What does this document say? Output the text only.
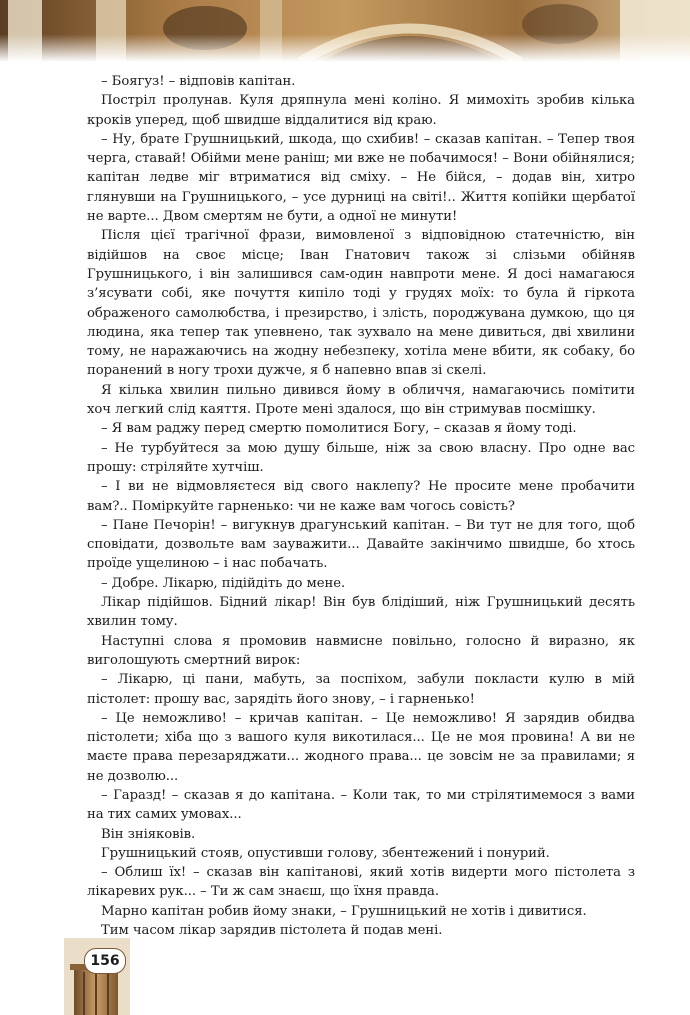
– Боягуз! – відповів капітан.

Постріл пролунав. Куля дряпнула мені коліно. Я мимохіть зробив кілька кроків уперед, щоб швидше віддалитися від краю.

– Ну, брате Грушницький, шкода, що схибив! – сказав капітан. – Тепер твоя черга, ставай! Обійми мене раніш; ми вже не побачимося! – Вони обійнялися; капітан ледве міг втриматися від сміху. – Не бійся, – додав він, хитро глянувши на Грушницького, – усе дурниці на світі!.. Життя копійки щербатої не варте... Двом смертям не бути, а одної не минути!

Після цієї трагічної фрази, вимовленої з відповідною статечністю, він відійшов на своє місце; Іван Гнатович також зі слізьми обійняв Грушницького, і він залишився сам-один навпроти мене. Я досі намагаюся з’ясувати собі, яке почуття кипіло тоді у грудях моїх: то була й гіркота ображеного самолюбства, і презирство, і злість, породжувана думкою, що ця людина, яка тепер так упевнено, так зухвало на мене дивиться, дві хвилини тому, не наражаючись на жодну небезпеку, хотіла мене вбити, як собаку, бо поранений в ногу трохи дужче, я б напевно впав зі скелі.

Я кілька хвилин пильно дивився йому в обличчя, намагаючись помітити хоч легкий слід каяття. Проте мені здалося, що він стримував посмішку.

– Я вам раджу перед смертю помолитися Богу, – сказав я йому тоді.

– Не турбуйтеся за мою душу більше, ніж за свою власну. Про одне вас прошу: стріляйте хутчіш.

– І ви не відмовляєтеся від свого наклепу? Не просите мене пробачити вам?.. Поміркуйте гарненько: чи не каже вам чогось совість?

– Пане Печорін! – вигукнув драгунський капітан. – Ви тут не для того, щоб сповідати, дозвольте вам зауважити... Давайте закінчимо швидше, бо хтось проїде ущелиною – і нас побачать.

– Добре. Лікарю, підійдіть до мене.

Лікар підійшов. Бідний лікар! Він був блідіший, ніж Грушницький десять хвилин тому.

Наступні слова я промовив навмисне повільно, голосно й виразно, як виголошують смертний вирок:

– Лікарю, ці пани, мабуть, за поспіхом, забули покласти кулю в мій пістолет: прошу вас, зарядіть його знову, – і гарненько!

– Це неможливо! – кричав капітан. – Це неможливо! Я зарядив обидва пістолети; хіба що з вашого куля викотилася... Це не моя провина! А ви не маєте права перезаряджати... жодного права... це зовсім не за правилами; я не дозволю...

– Гаразд! – сказав я до капітана. – Коли так, то ми стрілятимемося з вами на тих самих умовах...

Він зніяковів.

Грушницький стояв, опустивши голову, збентежений і понурий.

– Облиш їх! – сказав він капітанові, який хотів видерти мого пістолета з лікаревих рук... – Ти ж сам знаєш, що їхня правда.

Марно капітан робив йому знаки, – Грушницький не хотів і дивитися.

Тим часом лікар зарядив пістолета й подав мені.

156
